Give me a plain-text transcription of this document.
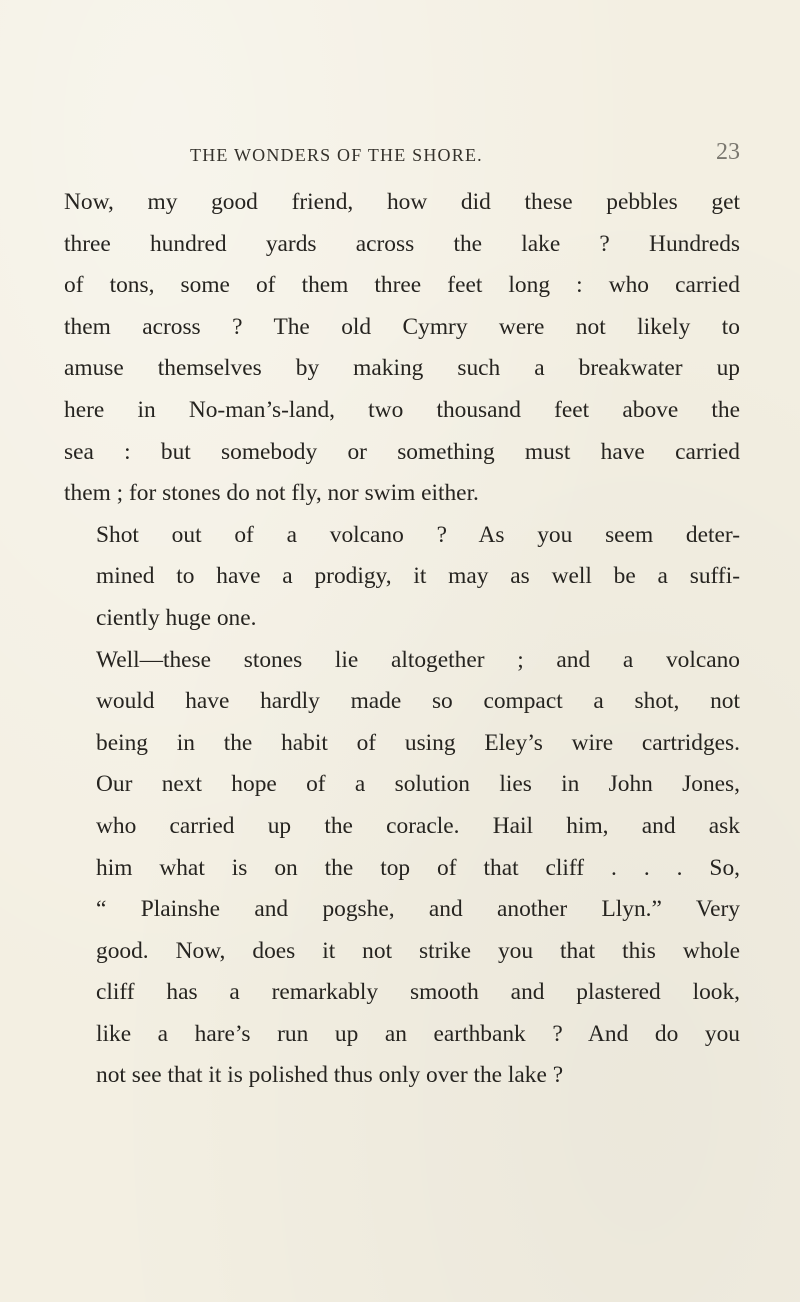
THE WONDERS OF THE SHORE.	23

Now, my good friend, how did these pebbles get
three hundred yards across the lake ? Hundreds
of tons, some of them three feet long : who carried
them across ? The old Cymry were not likely to
amuse themselves by making such a breakwater up
here in No-man’s-land, two thousand feet above the
sea : but somebody or something must have carried
them ; for stones do not fly, nor swim either.

Shot out of a volcano ? As you seem deter-
mined to have a prodigy, it may as well be a suffi-
ciently huge one.

Well—these stones lie altogether ; and a volcano
would have hardly made so compact a shot, not
being in the habit of using Eley’s wire cartridges.
Our next hope of a solution lies in John Jones,
who carried up the coracle. Hail him, and ask
him what is on the top of that cliff . . . So,
“ Plainshe and pogshe, and another Llyn.” Very
good. Now, does it not strike you that this whole
cliff has a remarkably smooth and plastered look,
like a hare’s run up an earthbank ? And do you
not see that it is polished thus only over the lake ?
